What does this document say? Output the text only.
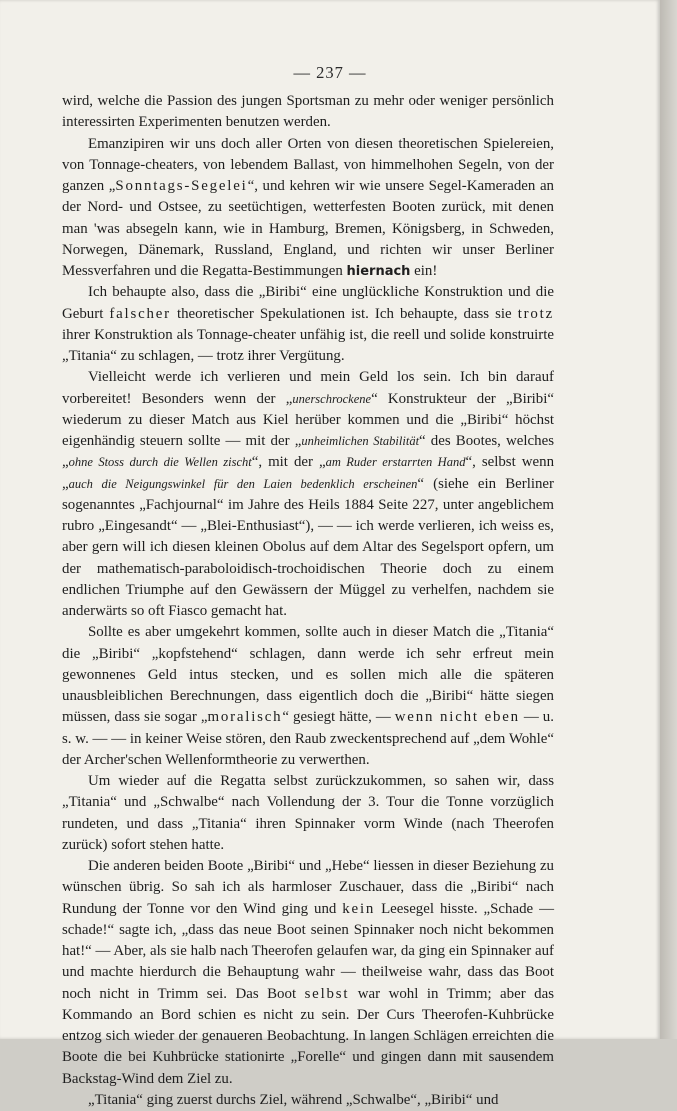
— 237 —

wird, welche die Passion des jungen Sportsman zu mehr oder weniger persönlich interessirten Experimenten benutzen werden.

Emanzipiren wir uns doch aller Orten von diesen theoretischen Spielereien, von Tonnage-cheaters, von lebendem Ballast, von himmelhohen Segeln, von der ganzen „Sonntags-Segelei“, und kehren wir wie unsere Segel-Kameraden an der Nord- und Ostsee, zu seetüchtigen, wetterfesten Booten zurück, mit denen man 'was absegeln kann, wie in Hamburg, Bremen, Königsberg, in Schweden, Norwegen, Dänemark, Russland, England, und richten wir unser Berliner Messverfahren und die Regatta-Bestimmungen hiernach ein!

Ich behaupte also, dass die „Biribi“ eine unglückliche Konstruktion und die Geburt falscher theoretischer Spekulationen ist. Ich behaupte, dass sie trotz ihrer Konstruktion als Tonnage-cheater unfähig ist, die reell und solide konstruirte „Titania“ zu schlagen, — trotz ihrer Vergütung.

Vielleicht werde ich verlieren und mein Geld los sein. Ich bin darauf vorbereitet! Besonders wenn der „unerschrockene“ Konstrukteur der „Biribi“ wiederum zu dieser Match aus Kiel herüber kommen und die „Biribi“ höchst eigenhändig steuern sollte — mit der „unheimlichen Stabilität“ des Bootes, welches „ohne Stoss durch die Wellen zischt“, mit der „am Ruder erstarrten Hand“, selbst wenn „auch die Neigungswinkel für den Laien bedenklich erscheinen“ (siehe ein Berliner sogenanntes „Fachjournal“ im Jahre des Heils 1884 Seite 227, unter angeblichem rubro „Eingesandt“ — „Blei-Enthusiast“), — — ich werde verlieren, ich weiss es, aber gern will ich diesen kleinen Obolus auf dem Altar des Segelsport opfern, um der mathematisch-paraboloidisch-trochoidischen Theorie doch zu einem endlichen Triumphe auf den Gewässern der Müggel zu verhelfen, nachdem sie anderwärts so oft Fiasco gemacht hat.

Sollte es aber umgekehrt kommen, sollte auch in dieser Match die „Titania“ die „Biribi“ „kopfstehend“ schlagen, dann werde ich sehr erfreut mein gewonnenes Geld intus stecken, und es sollen mich alle die späteren unausbleiblichen Berechnungen, dass eigentlich doch die „Biribi“ hätte siegen müssen, dass sie sogar „moralisch“ gesiegt hätte, — wenn nicht eben — u. s. w. — — in keiner Weise stören, den Raub zweckentsprechend auf „dem Wohle“ der Archer'schen Wellenformtheorie zu verwerthen.

Um wieder auf die Regatta selbst zurückzukommen, so sahen wir, dass „Titania“ und „Schwalbe“ nach Vollendung der 3. Tour die Tonne vorzüglich rundeten, und dass „Titania“ ihren Spinnaker vorm Winde (nach Theerofen zurück) sofort stehen hatte.

Die anderen beiden Boote „Biribi“ und „Hebe“ liessen in dieser Beziehung zu wünschen übrig. So sah ich als harmloser Zuschauer, dass die „Biribi“ nach Rundung der Tonne vor den Wind ging und kein Leesegel hisste. „Schade — schade!“ sagte ich, „dass das neue Boot seinen Spinnaker noch nicht bekommen hat!“ — Aber, als sie halb nach Theerofen gelaufen war, da ging ein Spinnaker auf und machte hierdurch die Behauptung wahr — theilweise wahr, dass das Boot noch nicht in Trimm sei. Das Boot selbst war wohl in Trimm; aber das Kommando an Bord schien es nicht zu sein. Der Curs Theerofen-Kuhbrücke entzog sich wieder der genaueren Beobachtung. In langen Schlägen erreichten die Boote die bei Kuhbrücke stationirte „Forelle“ und gingen dann mit sausendem Backstag-Wind dem Ziel zu.

„Titania“ ging zuerst durchs Ziel, während „Schwalbe“, „Biribi“ und
